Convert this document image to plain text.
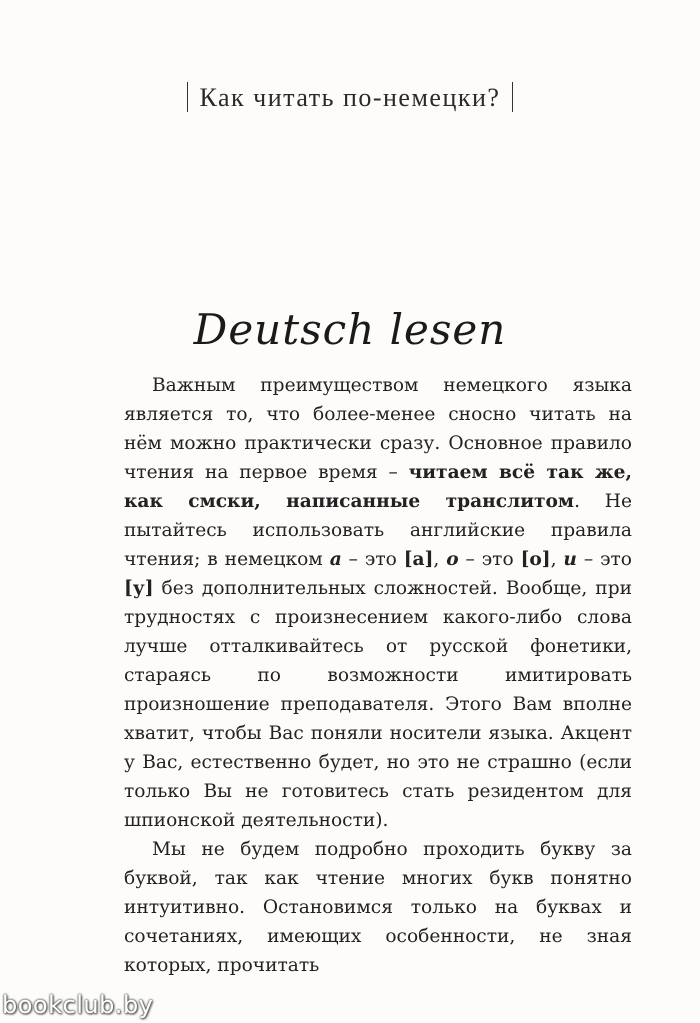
Как читать по-немецки?
Deutsch lesen

Важным преимуществом немецкого языка является то, что более-менее сносно читать на нём можно практически сразу. Основное правило чтения на первое время – читаем всё так же, как смски, написанные транслитом. Не пытайтесь использовать английские правила чтения; в немецком a – это [а], o – это [о], u – это [у] без дополнительных сложностей. Вообще, при трудностях с произнесением какого-либо слова лучше отталкивайтесь от русской фонетики, стараясь по возможности имитировать произношение преподавателя. Этого Вам вполне хватит, чтобы Вас поняли носители языка. Акцент у Вас, естественно будет, но это не страшно (если только Вы не готовитесь стать резидентом для шпионской деятельности).

Мы не будем подробно проходить букву за буквой, так как чтение многих букв понятно интуитивно. Остановимся только на буквах и сочетаниях, имеющих особенности, не зная которых, прочитать

bookclub.by
